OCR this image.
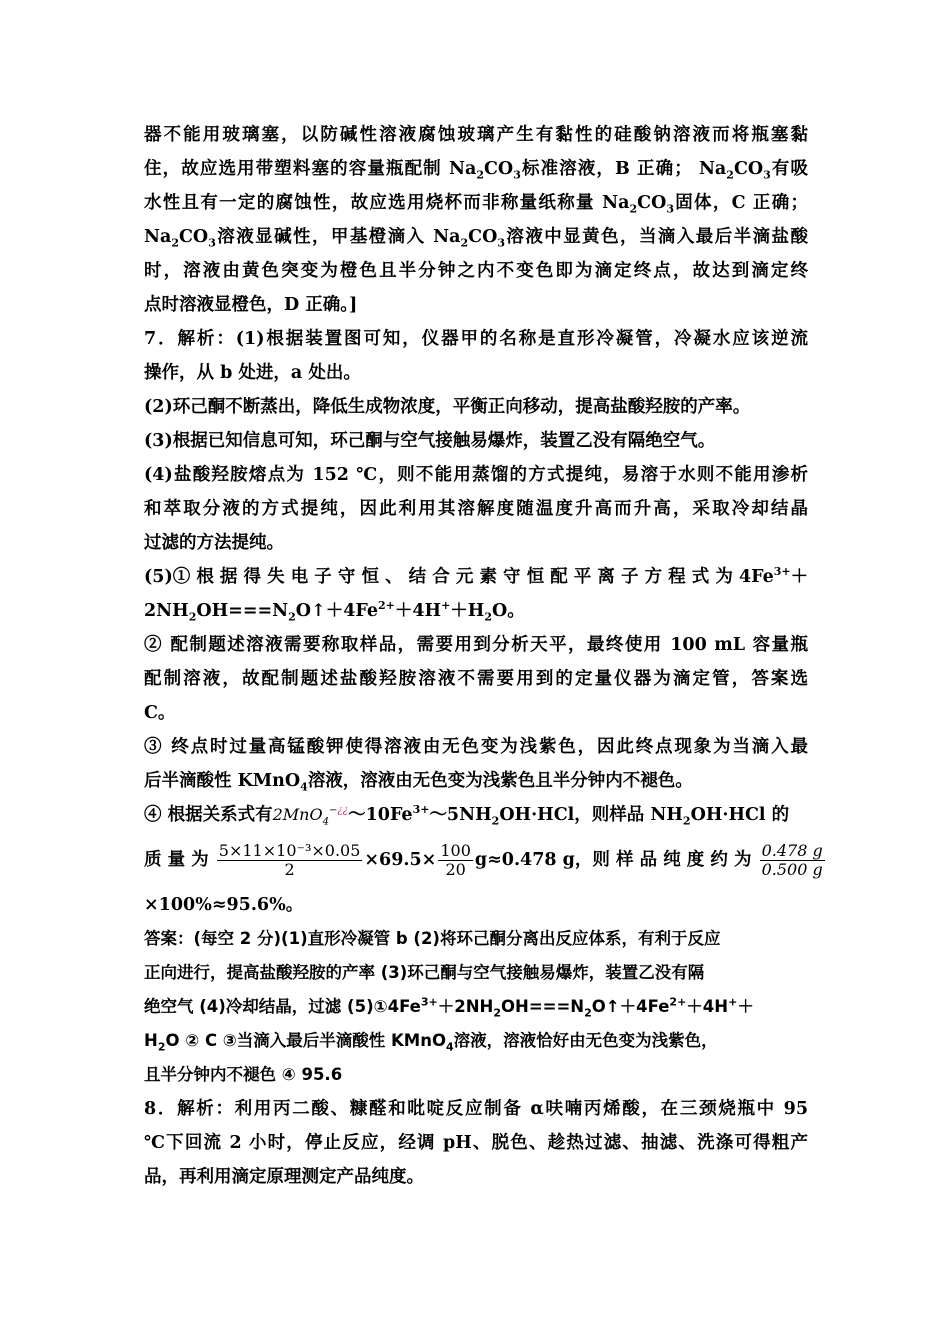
器不能用玻璃塞，以防碱性溶液腐蚀玻璃产生有黏性的硅酸钠溶液而将瓶塞黏
住，故应选用带塑料塞的容量瓶配制 $Na_2CO_3$标准溶液，B 正确； $Na_2CO_3$有吸
水性且有一定的腐蚀性，故应选用烧杯而非称量纸称量 $Na_2CO_3$固体，C 正确；
$Na_2CO_3$溶液显碱性，甲基橙滴入 $Na_2CO_3$溶液中显黄色，当滴入最后半滴盐酸
时，溶液由黄色突变为橙色且半分钟之内不变色即为滴定终点，故达到滴定终
点时溶液显橙色，D 正确。]
7．解析：(1)根据装置图可知，仪器甲的名称是直形冷凝管，冷凝水应该逆流
操作，从 b 处进，a 处出。
(2)环己酮不断蒸出，降低生成物浓度，平衡正向移动，提高盐酸羟胺的产率。
(3)根据已知信息可知，环己酮与空气接触易爆炸，装置乙没有隔绝空气。
(4)盐酸羟胺熔点为 152 ℃，则不能用蒸馏的方式提纯，易溶于水则不能用渗析
和萃取分液的方式提纯，因此利用其溶解度随温度升高而升高，采取冷却结晶
过滤的方法提纯。
(5)① 根 据 得 失 电 子 守 恒 、 结 合 元 素 守 恒 配 平 离 子 方 程 式 为 $4Fe^{3+}+$
$2NH_2OH===N_2O↑+4Fe^{2+}+4H^++H_2O$。
② 配制题述溶液需要称取样品，需要用到分析天平，最终使用 100 mL 容量瓶
配制溶液，故配制题述盐酸羟胺溶液不需要用到的定量仪器为滴定管，答案选
C。
③ 终点时过量高锰酸钾使得溶液由无色变为浅紫色，因此终点现象为当滴入最
后半滴酸性 KMnO$_4$溶液，溶液由无色变为浅紫色且半分钟内不褪色。
④ 根据关系式有$2MnO_4^{-¿¿}\sim 10Fe^{3+}\sim 5NH_2OH\cdot HCl$，则样品 $NH_2OH\cdot HCl$ 的
质 量 为 $\frac{\text{5×11×10⁻³×0.05}}{2} \times 69.5\times \frac{100}{20} g\approx 0.478$ g，则 样 品 纯 度 约 为 $\frac{0.478 g}{0.500 g}$
×100%≈95.6%。
答案：(每空 2 分)(1)直形冷凝管 b (2)将环己酮分离出反应体系，有利于反应
正向进行，提高盐酸羟胺的产率 (3)环己酮与空气接触易爆炸，装置乙没有隔
绝空气 (4)冷却结晶，过滤 $(5)①4Fe^{3+}+2NH_2OH===N_2O↑+4Fe^{2+}+4H^++$
$H_2O$ ② C ③当滴入最后半滴酸性 KMnO$_4$溶液，溶液恰好由无色变为浅紫色，
且半分钟内不褪色 ④ 95.6
8．解析：利用丙二酸、糠醛和吡啶反应制备 α呋喃丙烯酸，在三颈烧瓶中 95
℃下回流 2 小时，停止反应，经调 pH、脱色、趁热过滤、抽滤、洗涤可得粗产
品，再利用滴定原理测定产品纯度。
